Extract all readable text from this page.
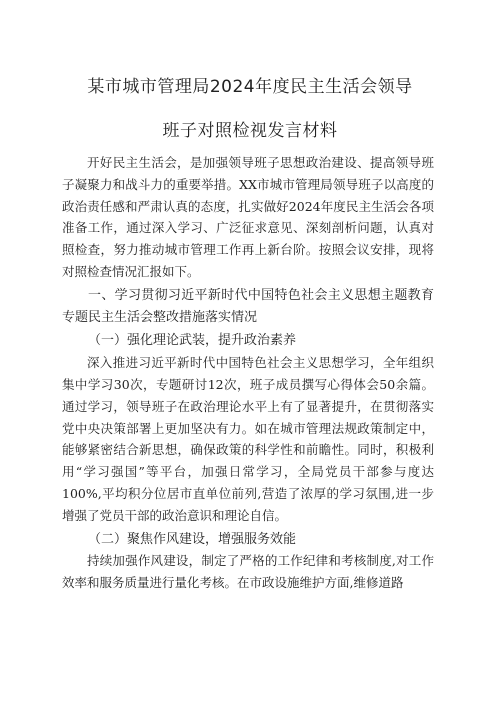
某市城市管理局2024年度民主生活会领导
班子对照检视发言材料

开好民主生活会，是加强领导班子思想政治建设、提高领导班子凝聚力和战斗力的重要举措。XX市城市管理局领导班子以高度的政治责任感和严肃认真的态度，扎实做好2024年度民主生活会各项准备工作，通过深入学习、广泛征求意见、深刻剖析问题，认真对照检查，努力推动城市管理工作再上新台阶。按照会议安排，现将对照检查情况汇报如下。

一、学习贯彻习近平新时代中国特色社会主义思想主题教育专题民主生活会整改措施落实情况

（一）强化理论武装，提升政治素养

深入推进习近平新时代中国特色社会主义思想学习，全年组织集中学习30次，专题研讨12次，班子成员撰写心得体会50余篇。通过学习，领导班子在政治理论水平上有了显著提升，在贯彻落实党中央决策部署上更加坚决有力。如在城市管理法规政策制定中，能够紧密结合新思想，确保政策的科学性和前瞻性。同时，积极利用“学习强国”等平台，加强日常学习，全局党员干部参与度达100%,平均积分位居市直单位前列,营造了浓厚的学习氛围,进一步增强了党员干部的政治意识和理论自信。

（二）聚焦作风建设，增强服务效能

持续加强作风建设，制定了严格的工作纪律和考核制度,对工作效率和服务质量进行量化考核。在市政设施维护方面,维修道路
